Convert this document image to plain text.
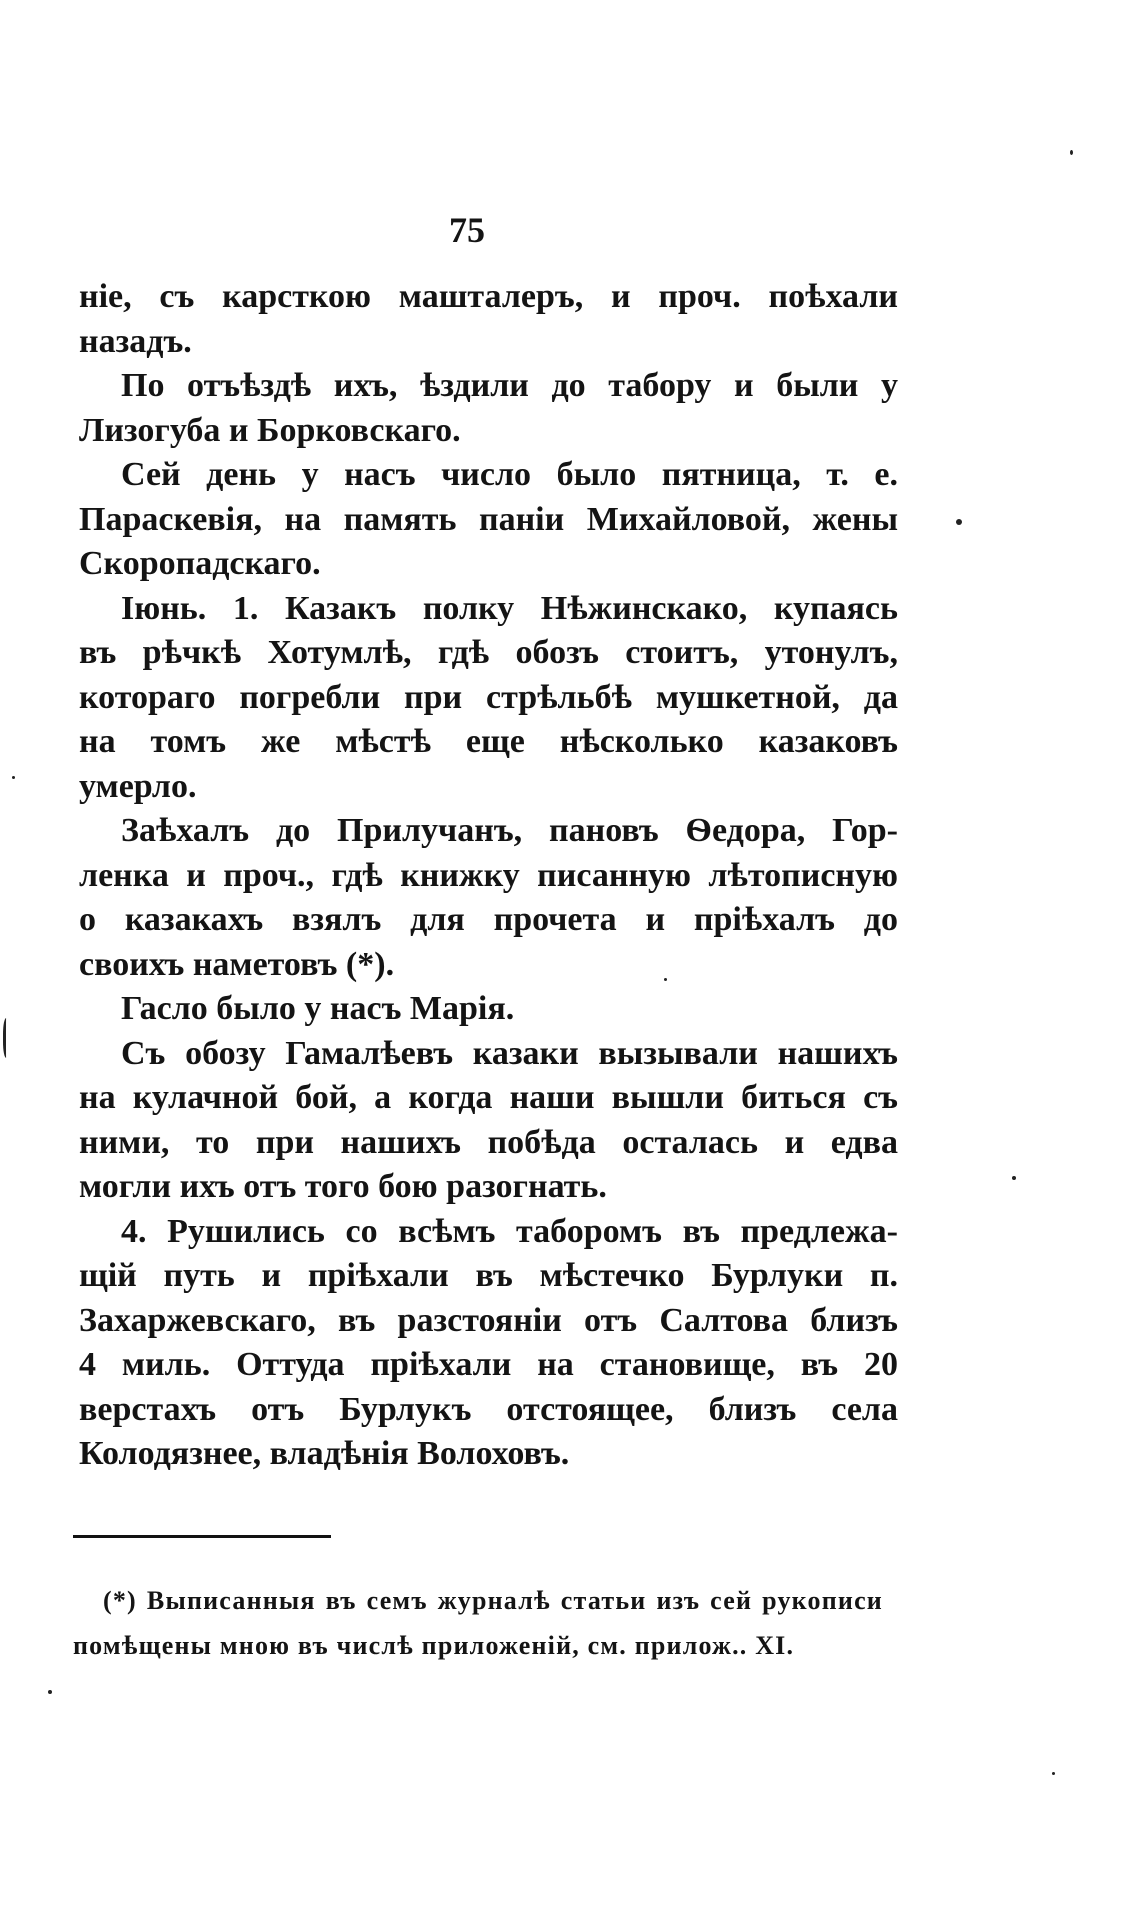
75
ніе, съ карсткою машталеръ, и проч. поѣхали
назадъ.
По отъѣздѣ ихъ, ѣздили до табору и были у
Лизогуба и Борковскаго.
Сей день у насъ число было пятница, т. е.
Параскевія, на память паніи Михайловой, жены
Скоропадскаго.
Іюнь. 1. Казакъ полку Нѣжинскако, купаясь
въ рѣчкѣ Хотумлѣ, гдѣ обозъ стоитъ, утонулъ,
котораго погребли при стрѣльбѣ мушкетной, да
на томъ же мѣстѣ еще нѣсколько казаковъ
умерло.
Заѣхалъ до Прилучанъ, пановъ Ѳедора, Гор-
ленка и проч., гдѣ книжку писанную лѣтописную
о казакахъ взялъ для прочета и пріѣхалъ до
своихъ наметовъ (*).
Гасло было у насъ Марія.
Съ обозу Гамалѣевъ казаки вызывали нашихъ
на кулачной бой, а когда наши вышли биться съ
ними, то при нашихъ побѣда осталась и едва
могли ихъ отъ того бою разогнать.
4. Рушились со всѣмъ таборомъ въ предлежа-
щій путь и пріѣхали въ мѣстечко Бурлуки п.
Захаржевскаго, въ разстояніи отъ Салтова близъ
4 миль. Оттуда пріѣхали на становище, въ 20
верстахъ отъ Бурлукъ отстоящее, близъ села
Колодязнее, владѣнія Волоховъ.
(*) Выписанныя въ семъ журналѣ статьи изъ сей рукописи
помѣщены мною въ числѣ приложеній, см. прилож.. XI.
